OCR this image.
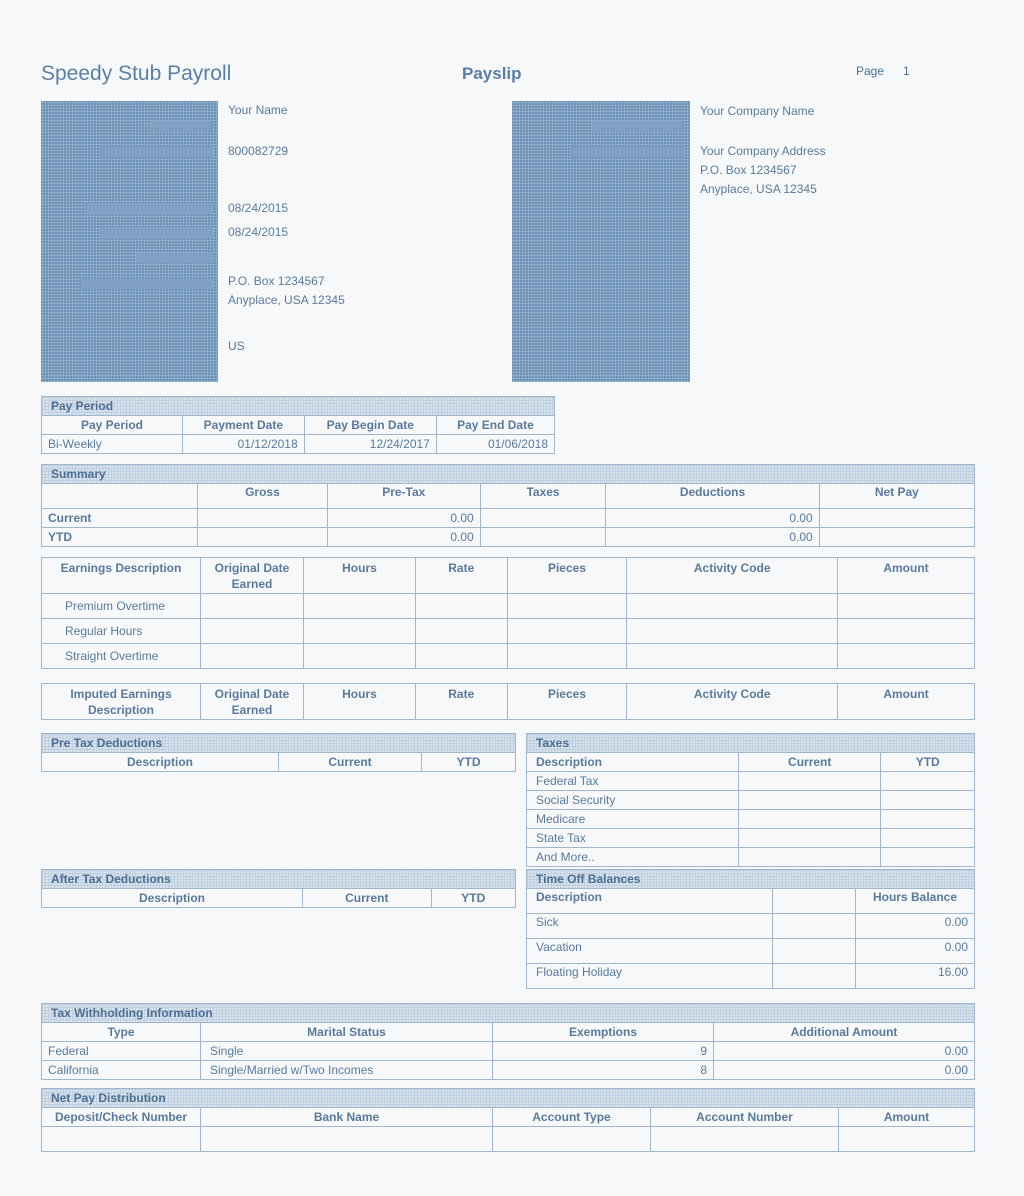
Speedy Stub Payroll	Payslip	Page 1
Your Name
800082729
08/24/2015
08/24/2015
P.O. Box 1234567
Anyplace, USA 12345
US
Your Company Name
Your Company Address
P.O. Box 1234567
Anyplace, USA 12345
Pay Period			
Pay Period	Payment Date	Pay Begin Date	Pay End Date
Bi-Weekly	01/12/2018	12/24/2017	01/06/2018
Summary					
	Gross	Pre-Tax	Taxes	Deductions	Net Pay
Current		0.00		0.00	
YTD		0.00		0.00	
Earnings Description	Original Date Earned	Hours	Rate	Pieces	Activity Code	Amount
Premium Overtime						
Regular Hours						
Straight Overtime						
Imputed Earnings Description	Original Date Earned	Hours	Rate	Pieces	Activity Code	Amount
Pre Tax Deductions
Description	Current	YTD
Taxes		
Description	Current	YTD
Federal Tax		
Social Security		
Medicare		
State Tax		
And More..		
After Tax Deductions
Description	Current	YTD
Time Off Balances		
Description		Hours Balance
Sick		0.00
Vacation		0.00
Floating Holiday		16.00
Tax Withholding Information			
Type	Marital Status	Exemptions	Additional Amount
Federal	Single	9	0.00
California	Single/Married w/Two Incomes	8	0.00
Net Pay Distribution				
Deposit/Check Number	Bank Name	Account Type	Account Number	Amount
